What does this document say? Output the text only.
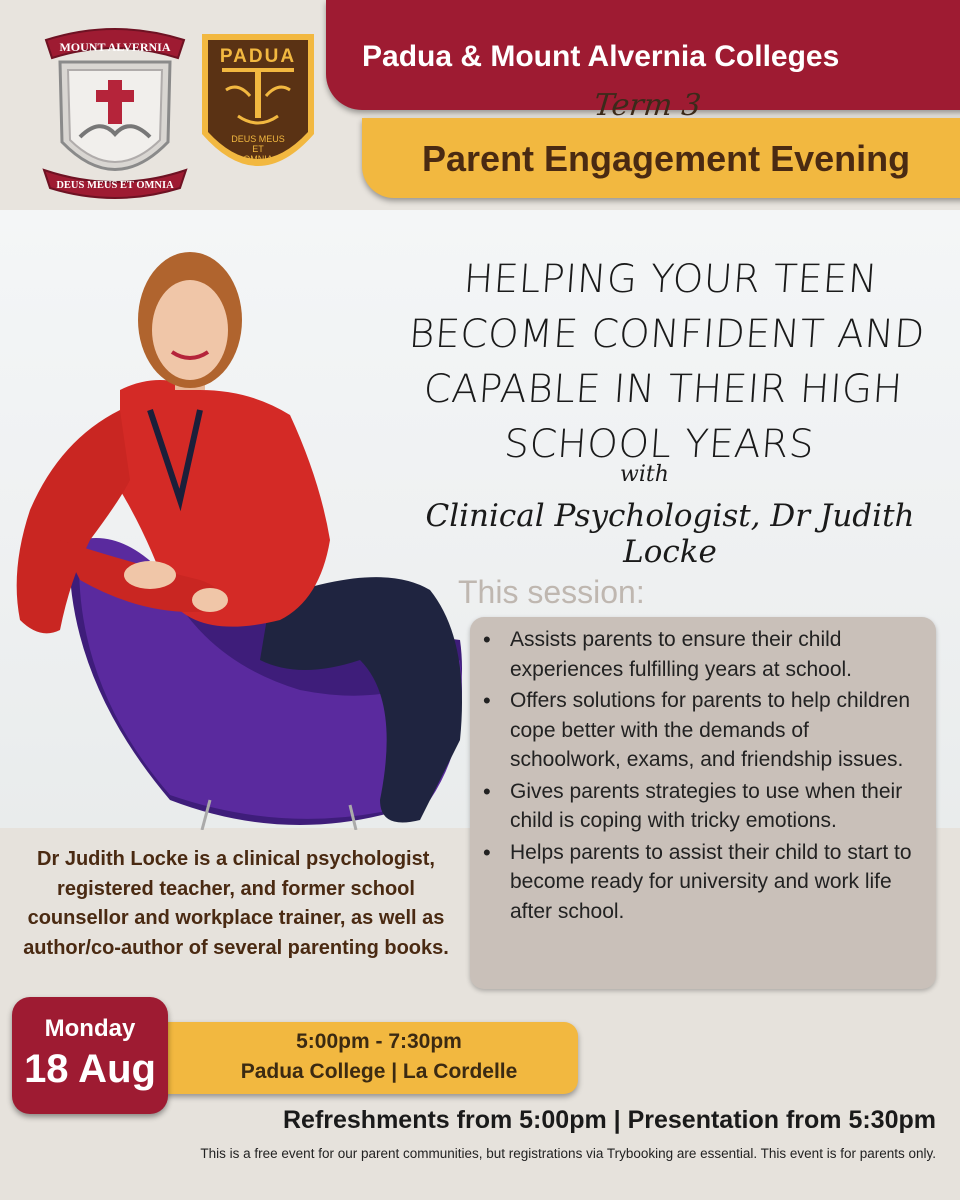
MOUNT ALVERNIA
DEUS MEUS ET OMNIA
PADUA
DEUS MEUS
ET
OMNIA
Padua & Mount Alvernia Colleges
Parent Engagement Evening
Term 3
HELPING YOUR TEEN
BECOME CONFIDENT AND
CAPABLE IN THEIR HIGH
SCHOOL YEARS
with
Clinical Psychologist, Dr Judith Locke
This session:
• Assists parents to ensure their child experiences fulfilling years at school.
• Offers solutions for parents to help children cope better with the demands of schoolwork, exams, and friendship issues.
• Gives parents strategies to use when their child is coping with tricky emotions.
• Helps parents to assist their child to start to become ready for university and work life after school.
Dr Judith Locke is a clinical psychologist, registered teacher, and former school counsellor and workplace trainer, as well as author/co-author of several parenting books.
5:00pm - 7:30pm
Padua College | La Cordelle
Monday
18 Aug
Refreshments from 5:00pm | Presentation from 5:30pm
This is a free event for our parent communities, but registrations via Trybooking are essential. This event is for parents only.
